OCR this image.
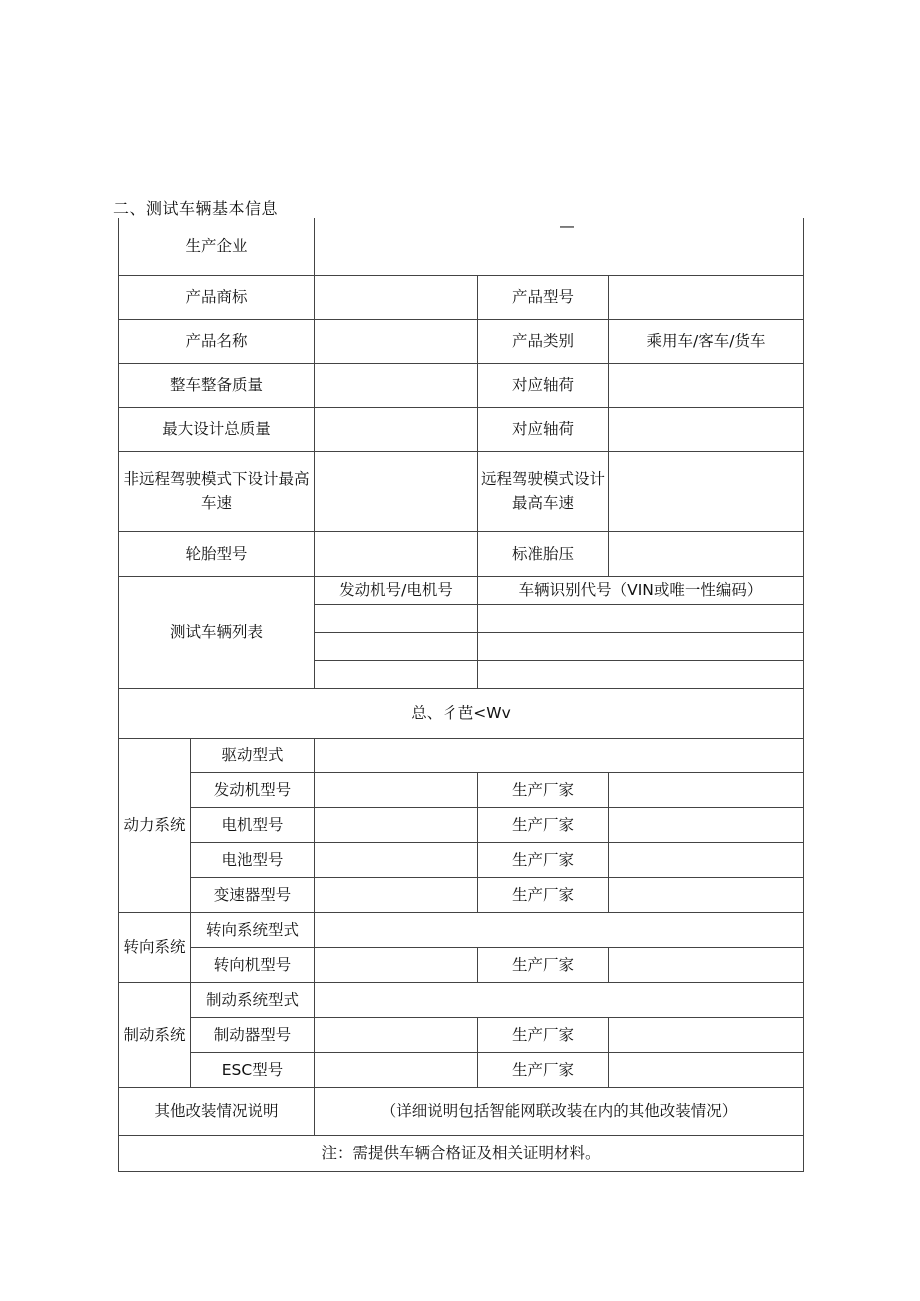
二、测试车辆基本信息
生产企业		—		

产品商标			产品型号	
产品名称			产品类别	乘用车/客车/货车
整车整备质量			对应轴荷	
最大设计总质量			对应轴荷	
非远程驾驶模式下设计最高车速			远程驾驶模式设计最高车速	
轮胎型号			标准胎压	
测试车辆列表		发动机号/电机号	车辆识别代号（VIN或唯一性编码）	

总、彳芭<Wv				
动力系统	驱动型式			
	发动机型号		生产厂家	
	电机型号		生产厂家	
	电池型号		生产厂家	
	变速器型号		生产厂家	
转向系统	转向系统型式			
	转向机型号		生产厂家	
制动系统	制动系统型式			
	制动器型号		生产厂家	
	ESC型号		生产厂家	
其他改装情况说明		（详细说明包括智能网联改装在内的其他改装情况）		
注：需提供车辆合格证及相关证明材料。				
